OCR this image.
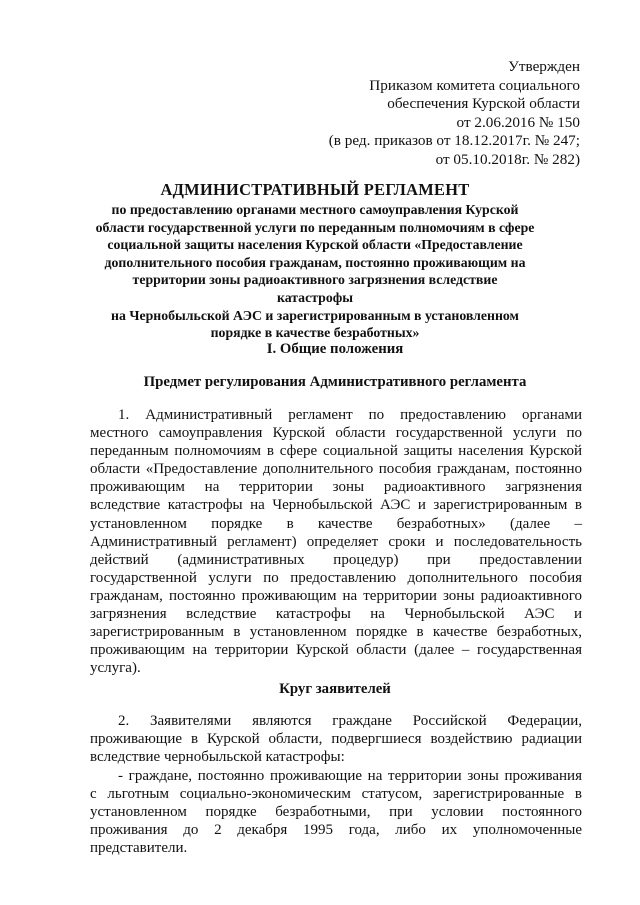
Утвержден
Приказом комитета социального
обеспечения Курской области
от 2.06.2016 № 150
(в ред. приказов от 18.12.2017г. № 247;
от 05.10.2018г. № 282)
АДМИНИСТРАТИВНЫЙ РЕГЛАМЕНТ
по предоставлению органами местного самоуправления Курской
области государственной услуги по переданным полномочиям в сфере
социальной защиты населения Курской области «Предоставление
дополнительного пособия гражданам, постоянно проживающим на
территории зоны радиоактивного загрязнения вследствие катастрофы
на Чернобыльской АЭС и зарегистрированным в установленном
порядке в качестве безработных»
I. Общие положения
Предмет регулирования Административного регламента
1. Административный регламент по предоставлению органами
местного самоуправления Курской области государственной услуги по
переданным полномочиям в сфере социальной защиты населения Курской
области «Предоставление дополнительного пособия гражданам, постоянно
проживающим на территории зоны радиоактивного загрязнения
вследствие катастрофы на Чернобыльской АЭС и зарегистрированным в
установленном порядке в качестве безработных» (далее –
Административный регламент) определяет сроки и последовательность
действий (административных процедур) при предоставлении
государственной услуги по предоставлению дополнительного пособия
гражданам, постоянно проживающим на территории зоны радиоактивного
загрязнения вследствие катастрофы на Чернобыльской АЭС и
зарегистрированным в установленном порядке в качестве безработных,
проживающим на территории Курской области (далее – государственная
услуга).
Круг заявителей
2. Заявителями являются граждане Российской Федерации,
проживающие в Курской области, подвергшиеся воздействию радиации
вследствие чернобыльской катастрофы:
- граждане, постоянно проживающие на территории зоны проживания
с льготным социально-экономическим статусом, зарегистрированные в
установленном порядке безработными, при условии постоянного
проживания до 2 декабря 1995 года, либо их уполномоченные
представители.
